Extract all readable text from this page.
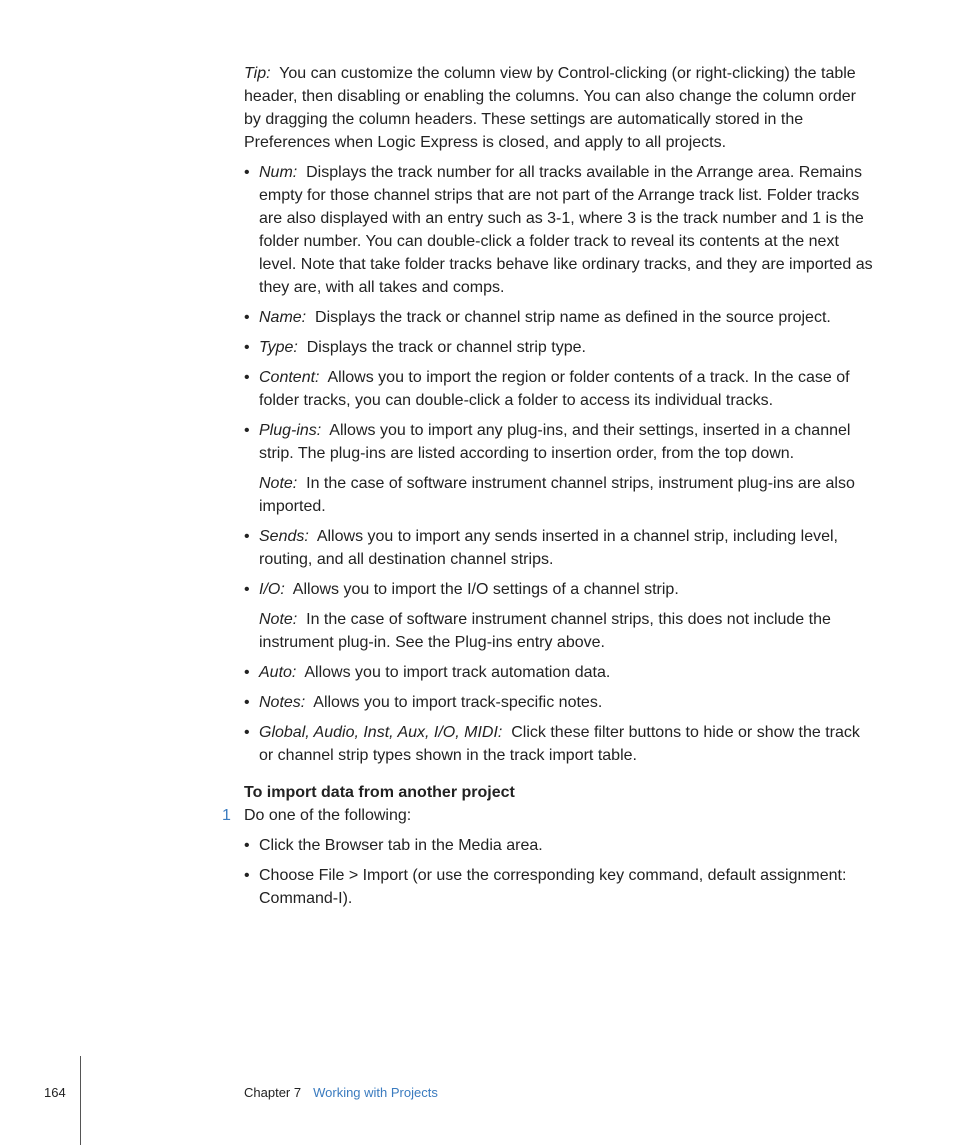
Tip: You can customize the column view by Control-clicking (or right-clicking) the table header, then disabling or enabling the columns. You can also change the column order by dragging the column headers. These settings are automatically stored in the Preferences when Logic Express is closed, and apply to all projects.

• Num: Displays the track number for all tracks available in the Arrange area. Remains empty for those channel strips that are not part of the Arrange track list. Folder tracks are also displayed with an entry such as 3-1, where 3 is the track number and 1 is the folder number. You can double-click a folder track to reveal its contents at the next level. Note that take folder tracks behave like ordinary tracks, and they are imported as they are, with all takes and comps.
• Name: Displays the track or channel strip name as defined in the source project.
• Type: Displays the track or channel strip type.
• Content: Allows you to import the region or folder contents of a track. In the case of folder tracks, you can double-click a folder to access its individual tracks.
• Plug-ins: Allows you to import any plug-ins, and their settings, inserted in a channel strip. The plug-ins are listed according to insertion order, from the top down.

Note: In the case of software instrument channel strips, instrument plug-ins are also imported.

• Sends: Allows you to import any sends inserted in a channel strip, including level, routing, and all destination channel strips.
• I/O: Allows you to import the I/O settings of a channel strip.

Note: In the case of software instrument channel strips, this does not include the instrument plug-in. See the Plug-ins entry above.

• Auto: Allows you to import track automation data.
• Notes: Allows you to import track-specific notes.
• Global, Audio, Inst, Aux, I/O, MIDI: Click these filter buttons to hide or show the track or channel strip types shown in the track import table.

To import data from another project

1 Do one of the following:

• Click the Browser tab in the Media area.
• Choose File > Import (or use the corresponding key command, default assignment: Command-I).
164	Chapter 7 Working with Projects
